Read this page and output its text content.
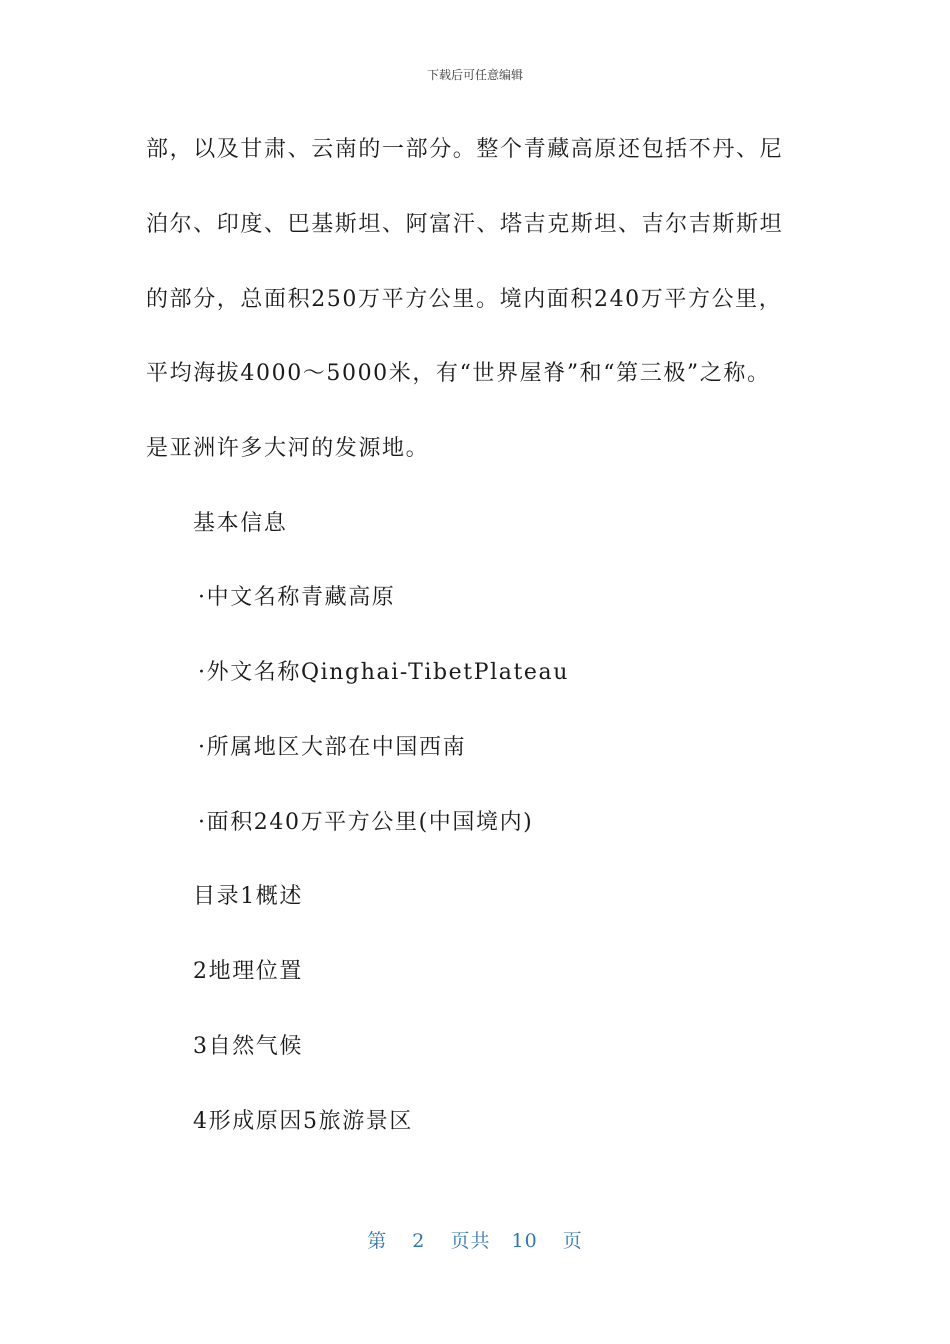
下载后可任意编辑
部，以及甘肃、云南的一部分。整个青藏高原还包括不丹、尼
泊尔、印度、巴基斯坦、阿富汗、塔吉克斯坦、吉尔吉斯斯坦
的部分，总面积250万平方公里。境内面积240万平方公里，
平均海拔4000～5000米，有“世界屋脊”和“第三极”之称。
是亚洲许多大河的发源地。
基本信息
·中文名称青藏高原
·外文名称Qinghai-TibetPlateau
·所属地区大部在中国西南
·面积240万平方公里(中国境内)
目录1概述
2地理位置
3自然气候
4形成原因5旅游景区
第 2 页共 10 页
